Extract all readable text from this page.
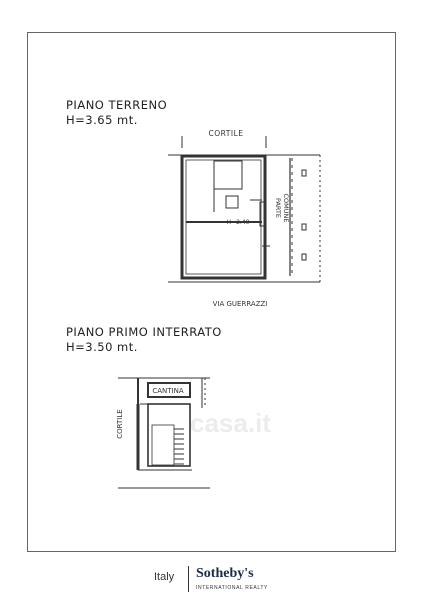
PIANO TERRENO
H=3.65 mt.
PIANO PRIMO INTERRATO
H=3.50 mt.
CORTILE
PARTE COMUNE
H=2.40
VIA GUERRAZZI
CANTINA
CORTILE	casa.it
Italy Sotheby's
INTERNATIONAL REALTY
